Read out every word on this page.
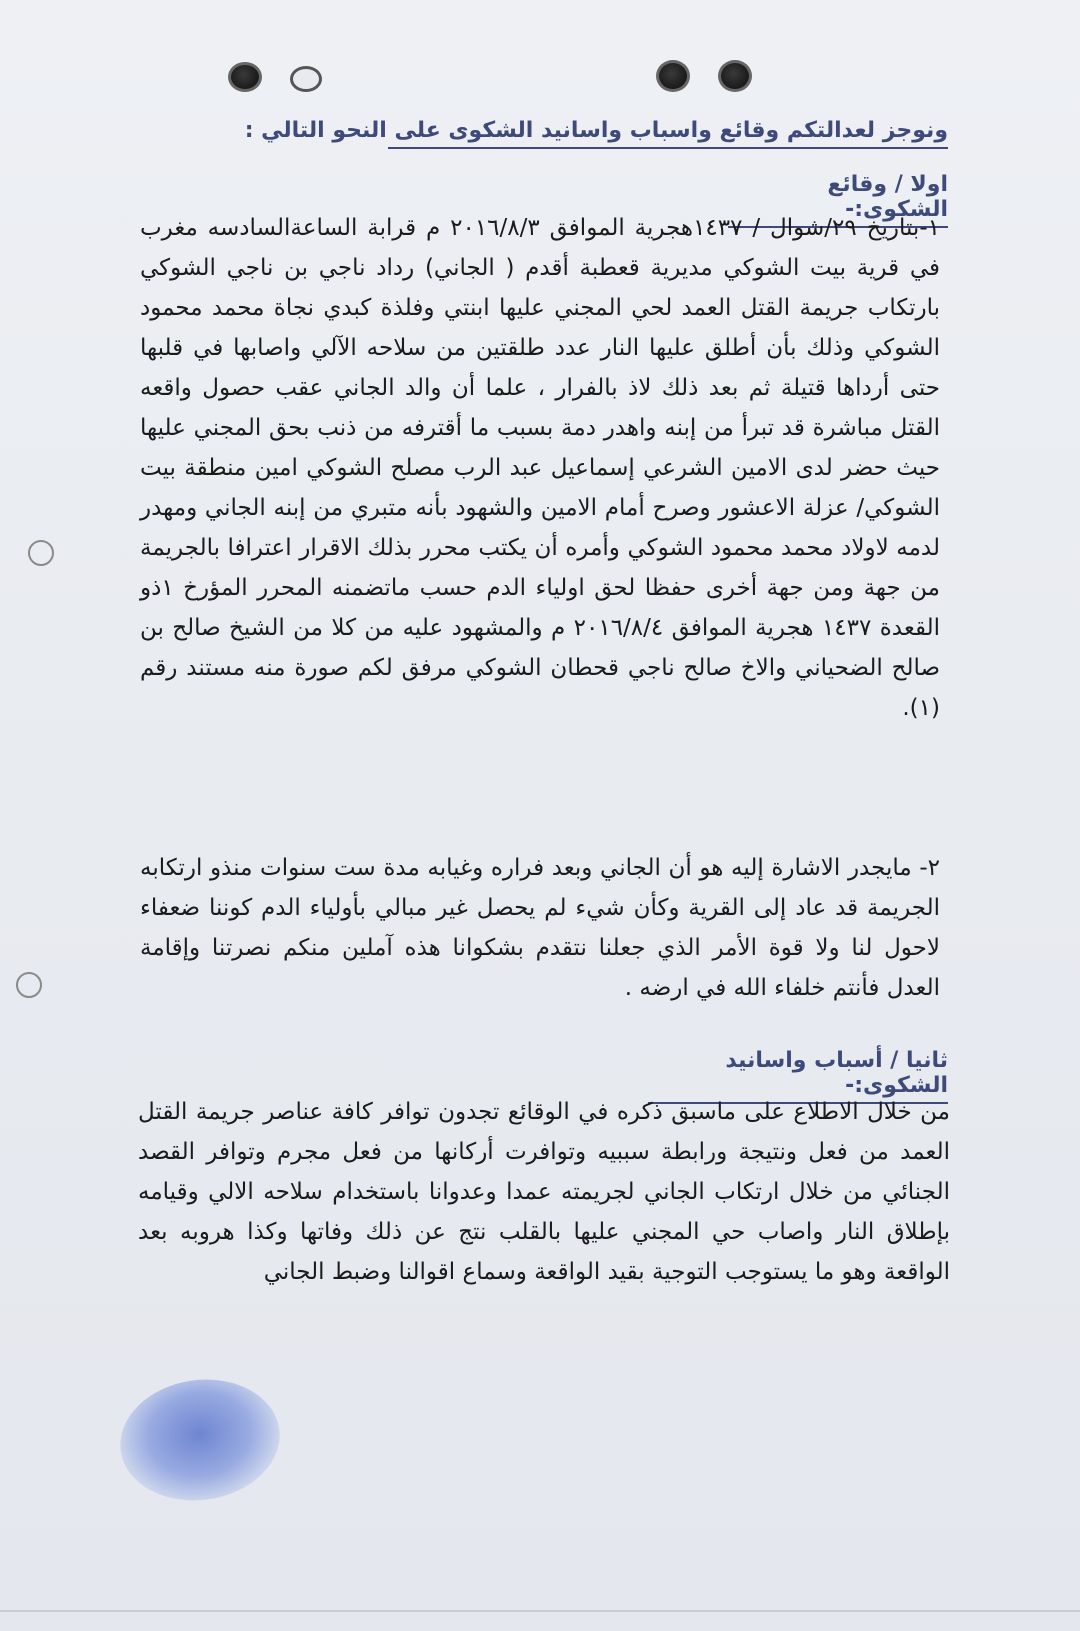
ونوجز لعدالتكم وقائع واسباب واسانيد الشكوى على النحو التالي :
اولا / وقائع الشكوى:-
١-بتاريخ ٢٩/شوال / ١٤٣٧هجرية الموافق ٢٠١٦/٨/٣ م قرابة الساعةالسادسه مغرب في قرية بيت الشوكي مديرية قعطبة أقدم ( الجاني) رداد ناجي بن ناجي الشوكي بارتكاب جريمة القتل العمد لحي المجني عليها ابنتي وفلذة كبدي نجاة محمد محمود الشوكي وذلك بأن أطلق عليها النار عدد طلقتين من سلاحه الآلي واصابها في قلبها حتى أرداها قتيلة ثم بعد ذلك لاذ بالفرار ، علما أن والد الجاني عقب حصول واقعه القتل مباشرة قد تبرأ من إبنه واهدر دمة بسبب ما أقترفه من ذنب بحق المجني عليها حيث حضر لدى الامين الشرعي إسماعيل عبد الرب مصلح الشوكي امين منطقة بيت الشوكي/ عزلة الاعشور وصرح أمام الامين والشهود بأنه متبري من إبنه الجاني ومهدر لدمه لاولاد محمد محمود الشوكي وأمره أن يكتب محرر بذلك الاقرار اعترافا بالجريمة من جهة ومن جهة أخرى حفظا لحق اولياء الدم حسب ماتضمنه المحرر المؤرخ ١ذو القعدة ١٤٣٧ هجرية الموافق ٢٠١٦/٨/٤ م والمشهود عليه من كلا من الشيخ صالح بن صالح الضحياني والاخ صالح ناجي قحطان الشوكي مرفق لكم صورة منه مستند رقم (١).
٢- مايجدر الاشارة إليه هو أن الجاني وبعد فراره وغيابه مدة ست سنوات منذو ارتكابه الجريمة قد عاد إلى القرية وكأن شيء لم يحصل غير مبالي بأولياء الدم كوننا ضعفاء لاحول لنا ولا قوة الأمر الذي جعلنا نتقدم بشكوانا هذه آملين منكم نصرتنا وإقامة العدل فأنتم خلفاء الله في ارضه .
ثانيا / أسباب واسانيد الشكوى:-
من خلال الاطلاع على ماسبق ذكره في الوقائع تجدون توافر كافة عناصر جريمة القتل العمد من فعل ونتيجة ورابطة سببيه وتوافرت أركانها من فعل مجرم وتوافر القصد الجنائي من خلال ارتكاب الجاني لجريمته عمدا وعدوانا باستخدام سلاحه الالي وقيامه بإطلاق النار واصاب حي المجني عليها بالقلب نتج عن ذلك وفاتها وكذا هروبه بعد الواقعة وهو ما يستوجب التوجية بقيد الواقعة وسماع اقوالنا وضبط الجاني
